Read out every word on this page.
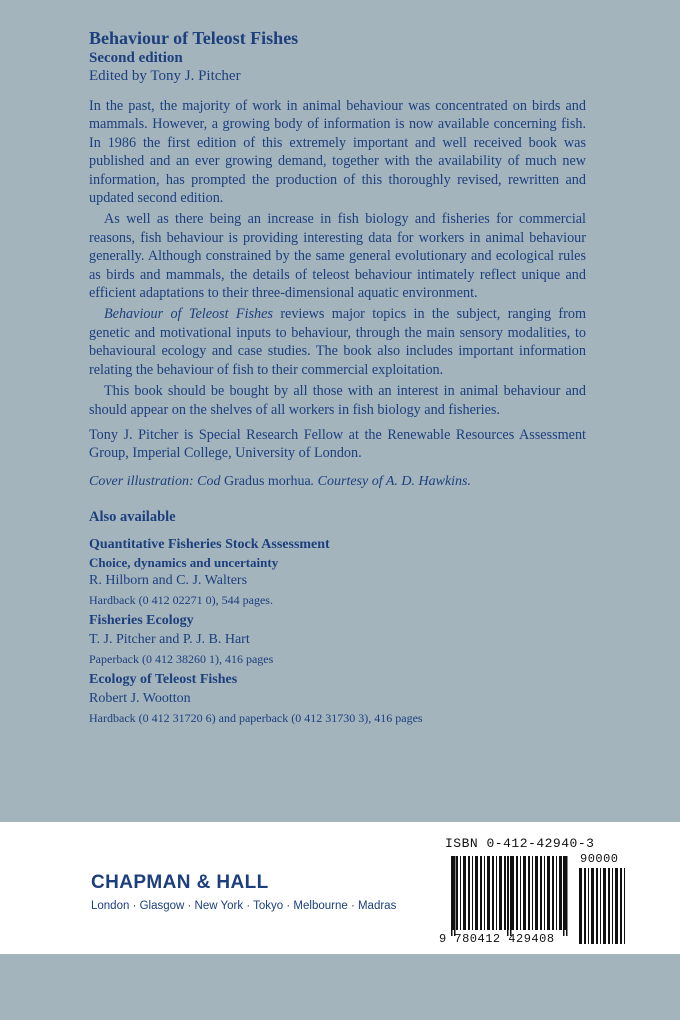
Behaviour of Teleost Fishes
Second edition
Edited by Tony J. Pitcher

In the past, the majority of work in animal behaviour was concentrated on birds and mammals. However, a growing body of information is now available concerning fish. In 1986 the first edition of this extremely important and well received book was published and an ever growing demand, together with the availability of much new information, has prompted the production of this thoroughly revised, rewritten and updated second edition.

As well as there being an increase in fish biology and fisheries for commercial reasons, fish behaviour is providing interesting data for workers in animal behaviour generally. Although constrained by the same general evolutionary and ecological rules as birds and mammals, the details of teleost behaviour intimately reflect unique and efficient adaptations to their three-dimensional aquatic environment.

Behaviour of Teleost Fishes reviews major topics in the subject, ranging from genetic and motivational inputs to behaviour, through the main sensory modalities, to behavioural ecology and case studies. The book also includes important information relating the behaviour of fish to their commercial exploitation.

This book should be bought by all those with an interest in animal behaviour and should appear on the shelves of all workers in fish biology and fisheries.

Tony J. Pitcher is Special Research Fellow at the Renewable Resources Assessment Group, Imperial College, University of London.

Cover illustration: Cod Gradus morhua. Courtesy of A. D. Hawkins.

Also available
Quantitative Fisheries Stock Assessment
Choice, dynamics and uncertainty
R. Hilborn and C. J. Walters
Hardback (0 412 02271 0), 544 pages.
Fisheries Ecology
T. J. Pitcher and P. J. B. Hart
Paperback (0 412 38260 1), 416 pages
Ecology of Teleost Fishes
Robert J. Wootton
Hardback (0 412 31720 6) and paperback (0 412 31730 3), 416 pages
CHAPMAN & HALL
London · Glasgow · New York · Tokyo · Melbourne · Madras
ISBN 0-412-42940-3
90000
9 780412 429408
